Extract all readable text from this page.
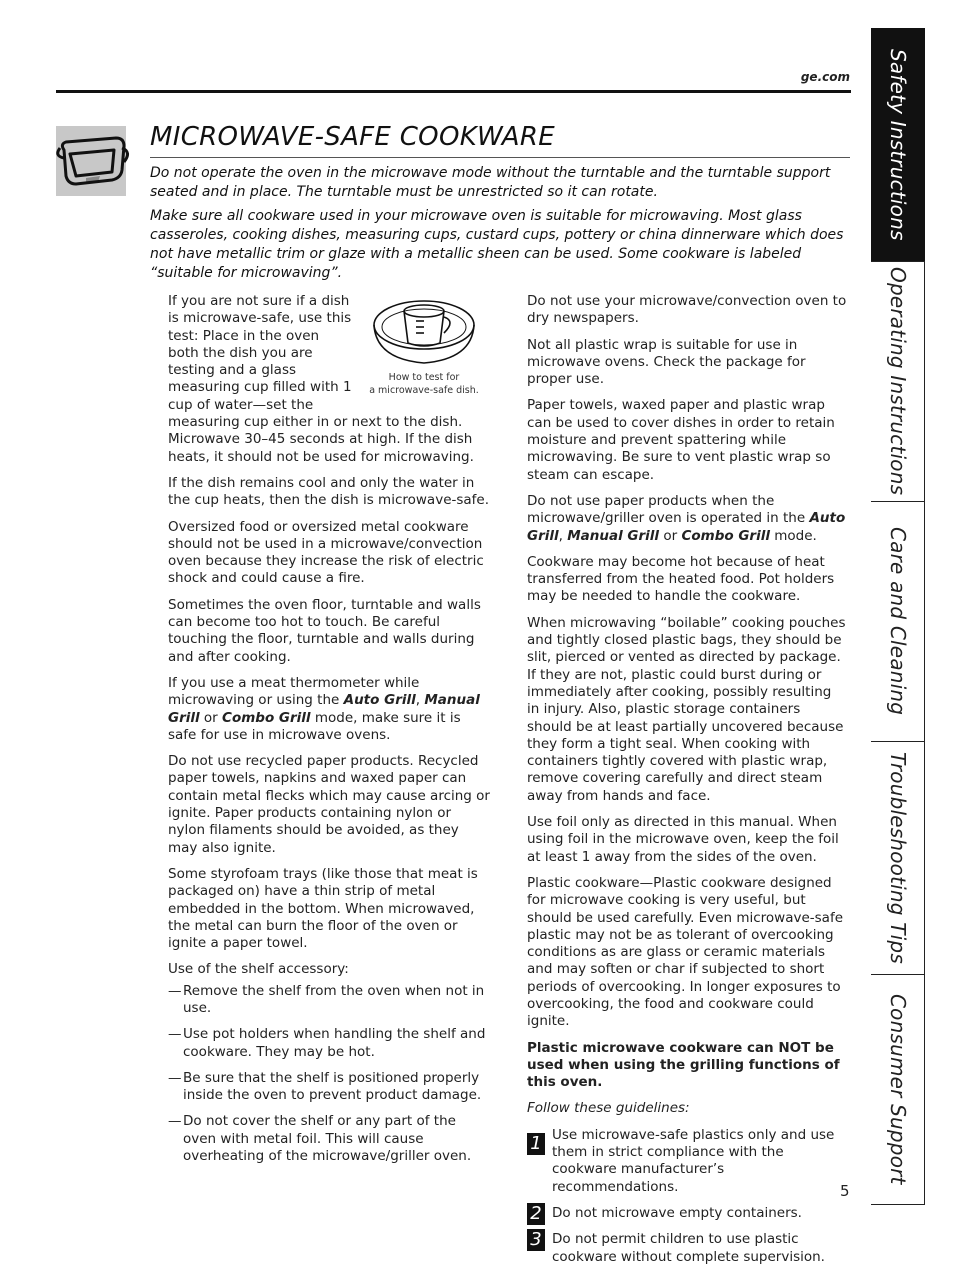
ge.com
MICROWAVE-SAFE COOKWARE
Do not operate the oven in the microwave mode without the turntable and the turntable support seated and in place. The turntable must be unrestricted so it can rotate.
Make sure all cookware used in your microwave oven is suitable for microwaving. Most glass casseroles, cooking dishes, measuring cups, custard cups, pottery or china dinnerware which does not have metallic trim or glaze with a metallic sheen can be used. Some cookware is labeled “suitable for microwaving”.
How to test for
a microwave-safe dish.

If you are not sure if a dish is microwave-safe, use this test: Place in the oven both the dish you are testing and a glass measuring cup filled with 1 cup of water—set the measuring cup either in or next to the dish. Microwave 30–45 seconds at high. If the dish heats, it should not be used for microwaving.

If the dish remains cool and only the water in the cup heats, then the dish is microwave-safe.

Oversized food or oversized metal cookware should not be used in a microwave/convection oven because they increase the risk of electric shock and could cause a fire.

Sometimes the oven floor, turntable and walls can become too hot to touch. Be careful touching the floor, turntable and walls during and after cooking.

If you use a meat thermometer while microwaving or using the Auto Grill, Manual Grill or Combo Grill mode, make sure it is safe for use in microwave ovens.

Do not use recycled paper products. Recycled paper towels, napkins and waxed paper can contain metal flecks which may cause arcing or ignite. Paper products containing nylon or nylon filaments should be avoided, as they may also ignite.

Some styrofoam trays (like those that meat is packaged on) have a thin strip of metal embedded in the bottom. When microwaved, the metal can burn the floor of the oven or ignite a paper towel.

Use of the shelf accessory:

— Remove the shelf from the oven when not in use.

— Use pot holders when handling the shelf and cookware. They may be hot.

— Be sure that the shelf is positioned properly inside the oven to prevent product damage.

— Do not cover the shelf or any part of the oven with metal foil. This will cause overheating of the microwave/griller oven.

Do not use your microwave/convection oven to dry newspapers.

Not all plastic wrap is suitable for use in microwave ovens. Check the package for proper use.

Paper towels, waxed paper and plastic wrap can be used to cover dishes in order to retain moisture and prevent spattering while microwaving. Be sure to vent plastic wrap so steam can escape.

Do not use paper products when the microwave/griller oven is operated in the Auto Grill, Manual Grill or Combo Grill mode.

Cookware may become hot because of heat transferred from the heated food. Pot holders may be needed to handle the cookware.

When microwaving “boilable” cooking pouches and tightly closed plastic bags, they should be slit, pierced or vented as directed by package. If they are not, plastic could burst during or immediately after cooking, possibly resulting in injury. Also, plastic storage containers should be at least partially uncovered because they form a tight seal. When cooking with containers tightly covered with plastic wrap, remove covering carefully and direct steam away from hands and face.

Use foil only as directed in this manual. When using foil in the microwave oven, keep the foil at least 1 away from the sides of the oven.

Plastic cookware—Plastic cookware designed for microwave cooking is very useful, but should be used carefully. Even microwave-safe plastic may not be as tolerant of overcooking conditions as are glass or ceramic materials and may soften or char if subjected to short periods of overcooking. In longer exposures to overcooking, the food and cookware could ignite.

Plastic microwave cookware can NOT be used when using the grilling functions of this oven.

Follow these guidelines:

1 Use microwave-safe plastics only and use them in strict compliance with the cookware manufacturer’s recommendations.
2 Do not microwave empty containers.
3 Do not permit children to use plastic cookware without complete supervision.
5
Safety Instructions
Operating Instructions
Care and Cleaning
Troubleshooting Tips
Consumer Support
